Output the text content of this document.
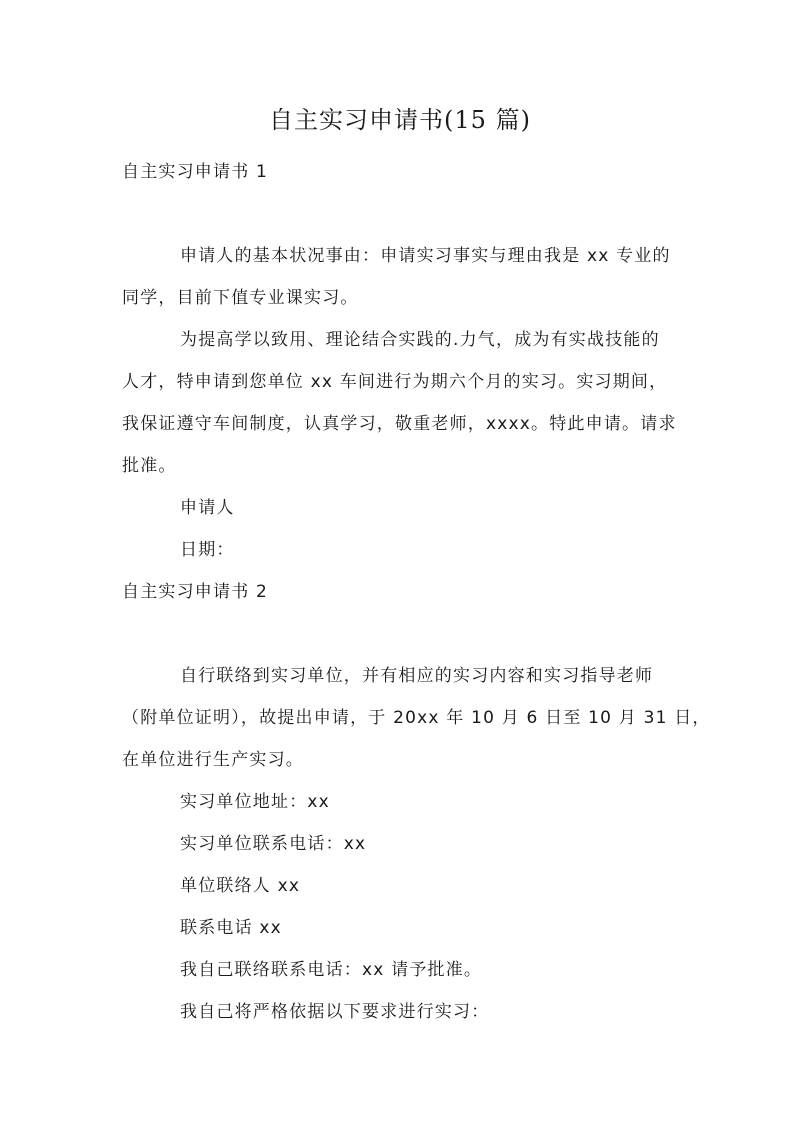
自主实习申请书(15 篇)
自主实习申请书 1
申请人的基本状况事由：申请实习事实与理由我是 xx 专业的
同学，目前下值专业课实习。
为提高学以致用、理论结合实践的.力气，成为有实战技能的
人才，特申请到您单位 xx 车间进行为期六个月的实习。实习期间，
我保证遵守车间制度，认真学习，敬重老师，xxxx。特此申请。请求
批准。
申请人
日期：
自主实习申请书 2
自行联络到实习单位，并有相应的实习内容和实习指导老师
（附单位证明），故提出申请，于 20xx 年 10 月 6 日至 10 月 31 日，
在单位进行生产实习。
实习单位地址：xx
实习单位联系电话：xx
单位联络人 xx
联系电话 xx
我自己联络联系电话：xx 请予批准。
我自己将严格依据以下要求进行实习：
